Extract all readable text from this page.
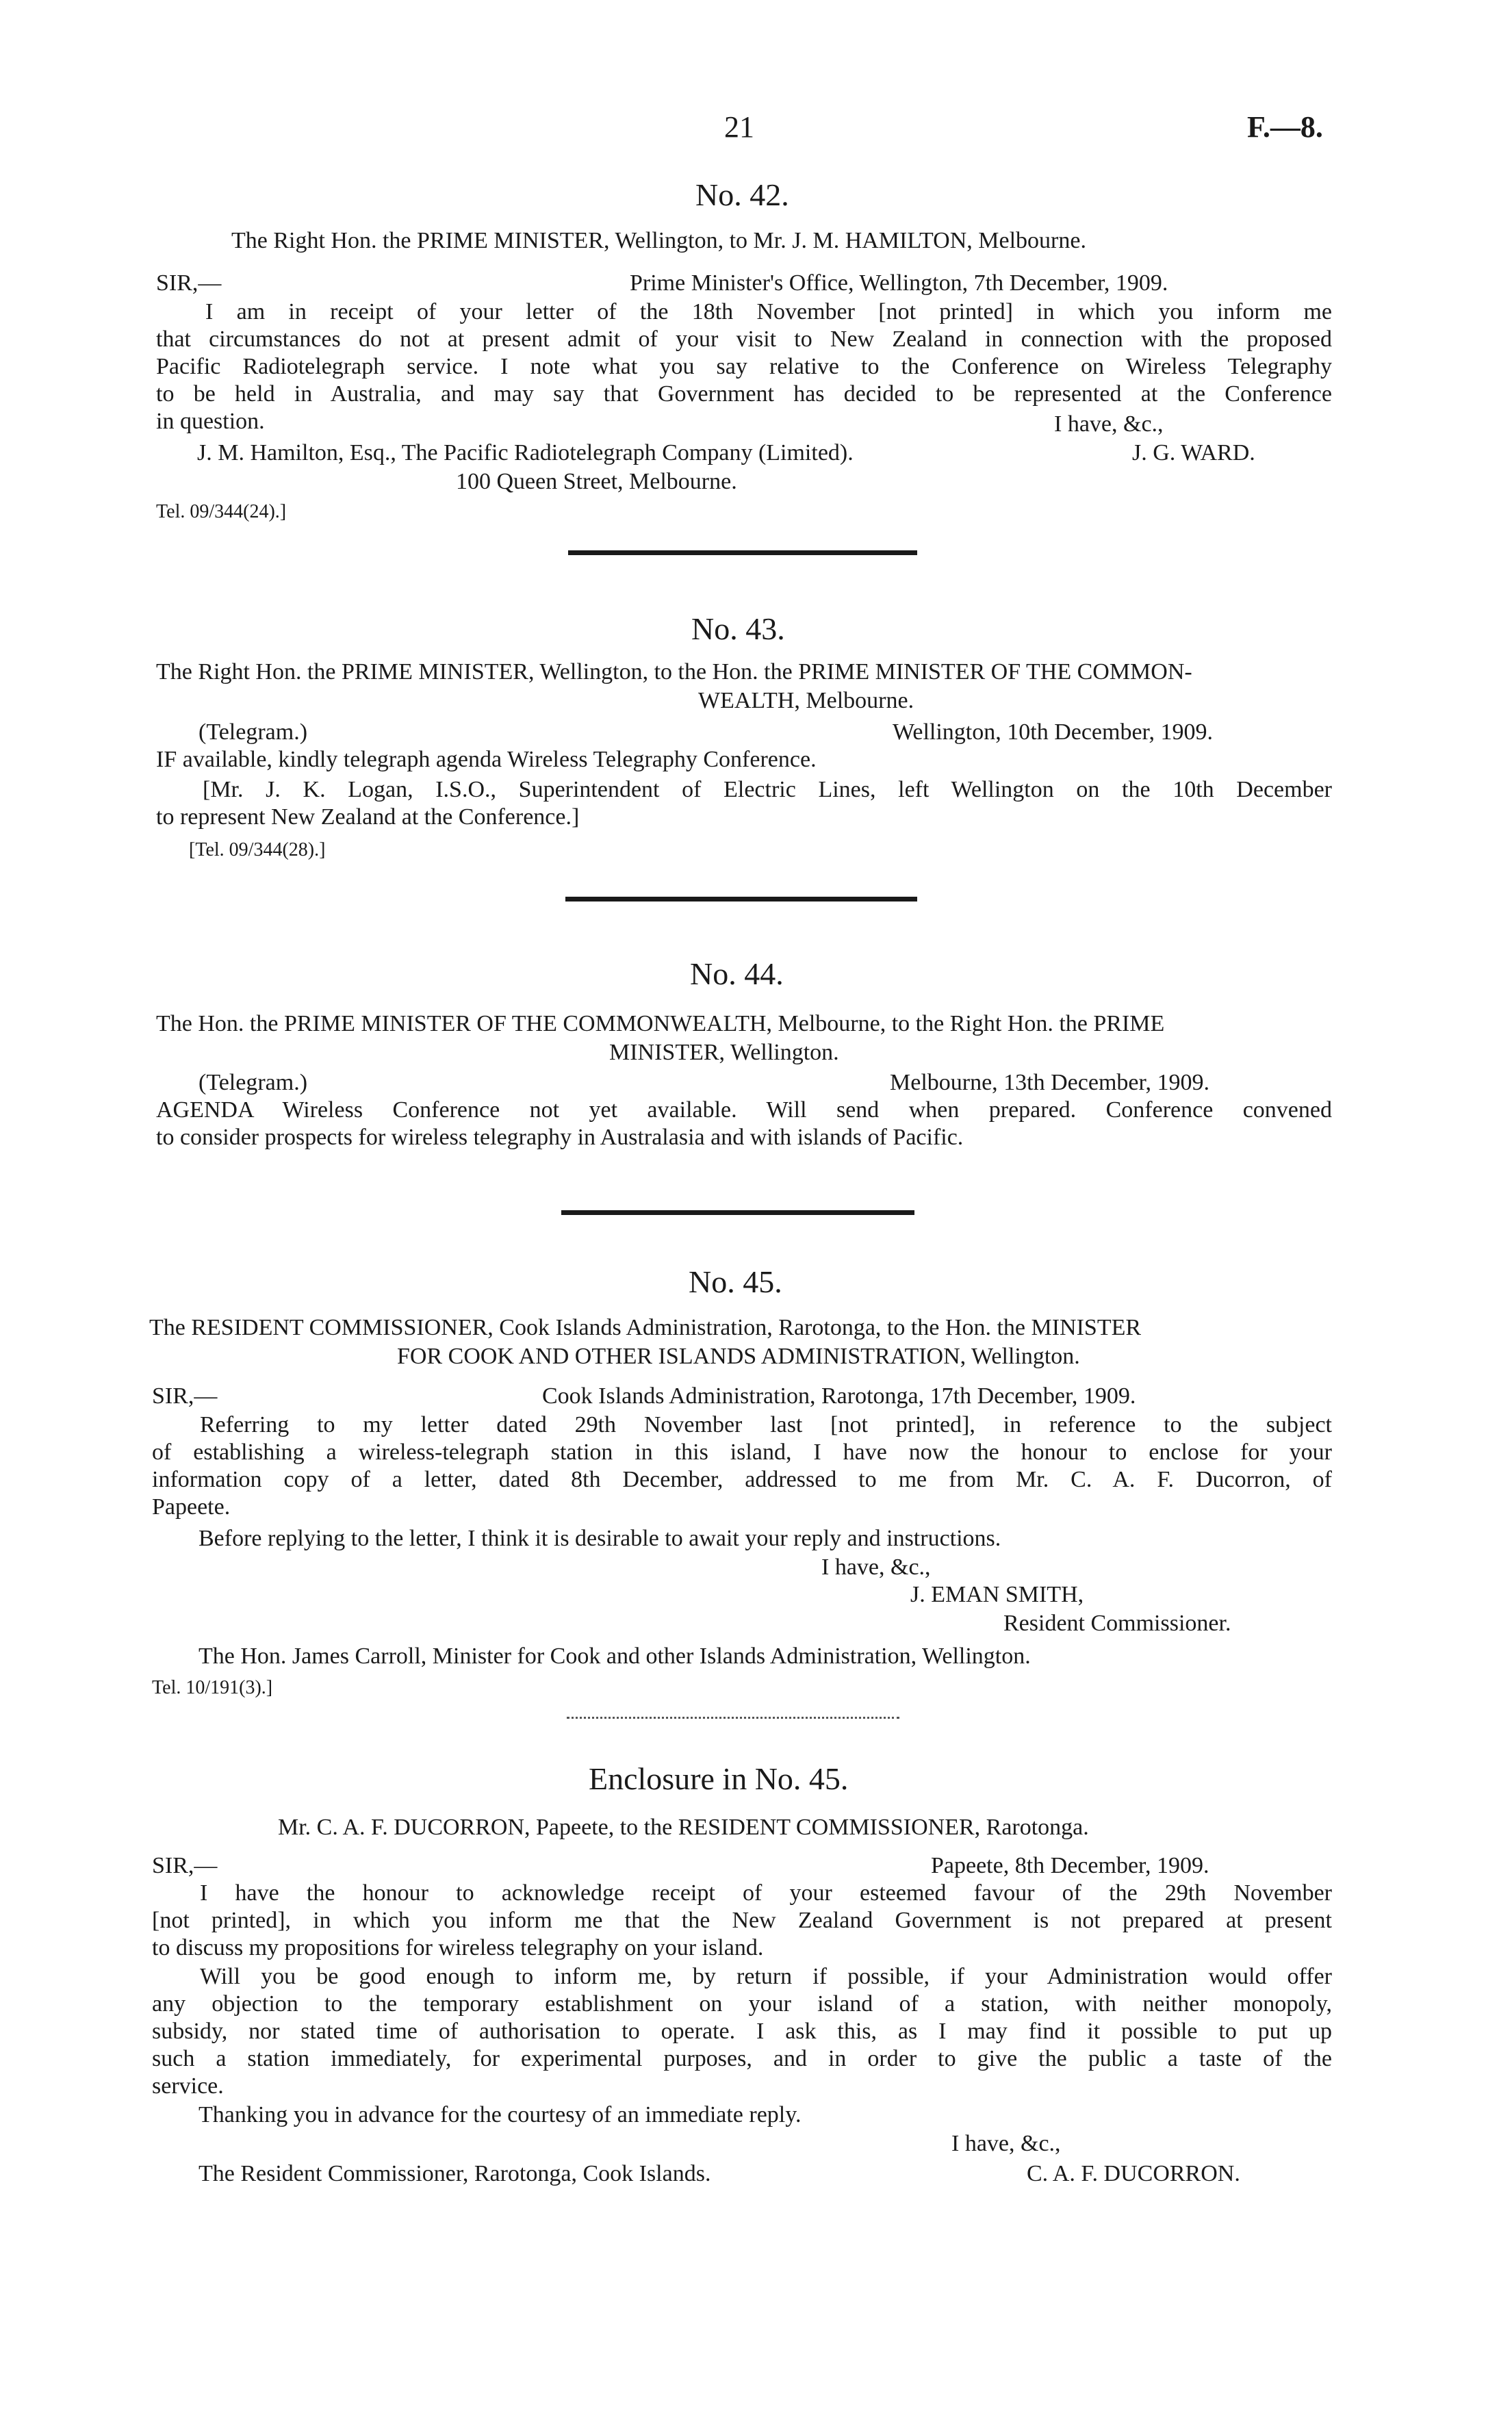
21	F.—8.
No. 42.
The Right Hon. the PRIME MINISTER, Wellington, to Mr. J. M. HAMILTON, Melbourne.
SIR,—	Prime Minister's Office, Wellington, 7th December, 1909.
I am in receipt of your letter of the 18th November [not printed] in which you inform me
that circumstances do not at present admit of your visit to New Zealand in connection with the proposed
Pacific Radiotelegraph service. I note what you say relative to the Conference on Wireless Telegraphy
to be held in Australia, and may say that Government has decided to be represented at the Conference
in question.	I have, &c.,
J. M. Hamilton, Esq., The Pacific Radiotelegraph Company (Limited).	J. G. WARD.
100 Queen Street, Melbourne.
Tel. 09/344(24).]
No. 43.
The Right Hon. the PRIME MINISTER, Wellington, to the Hon. the PRIME MINISTER OF THE COMMON-
WEALTH, Melbourne.
(Telegram.)	Wellington, 10th December, 1909.
IF available, kindly telegraph agenda Wireless Telegraphy Conference.
[Mr. J. K. Logan, I.S.O., Superintendent of Electric Lines, left Wellington on the 10th December
to represent New Zealand at the Conference.]
[Tel. 09/344(28).]
No. 44.
The Hon. the PRIME MINISTER OF THE COMMONWEALTH, Melbourne, to the Right Hon. the PRIME
MINISTER, Wellington.
(Telegram.)	Melbourne, 13th December, 1909.
AGENDA Wireless Conference not yet available. Will send when prepared. Conference convened
to consider prospects for wireless telegraphy in Australasia and with islands of Pacific.
No. 45.
The RESIDENT COMMISSIONER, Cook Islands Administration, Rarotonga, to the Hon. the MINISTER
FOR COOK AND OTHER ISLANDS ADMINISTRATION, Wellington.
SIR,—	Cook Islands Administration, Rarotonga, 17th December, 1909.
Referring to my letter dated 29th November last [not printed], in reference to the subject
of establishing a wireless-telegraph station in this island, I have now the honour to enclose for your
information copy of a letter, dated 8th December, addressed to me from Mr. C. A. F. Ducorron, of
Papeete.
Before replying to the letter, I think it is desirable to await your reply and instructions.
I have, &c.,
J. EMAN SMITH,
Resident Commissioner.
The Hon. James Carroll, Minister for Cook and other Islands Administration, Wellington.
Tel. 10/191(3).]
Enclosure in No. 45.
Mr. C. A. F. DUCORRON, Papeete, to the RESIDENT COMMISSIONER, Rarotonga.
SIR,—	Papeete, 8th December, 1909.
I have the honour to acknowledge receipt of your esteemed favour of the 29th November
[not printed], in which you inform me that the New Zealand Government is not prepared at present
to discuss my propositions for wireless telegraphy on your island.
Will you be good enough to inform me, by return if possible, if your Administration would offer
any objection to the temporary establishment on your island of a station, with neither monopoly,
subsidy, nor stated time of authorisation to operate. I ask this, as I may find it possible to put up
such a station immediately, for experimental purposes, and in order to give the public a taste of the
service.
Thanking you in advance for the courtesy of an immediate reply.
I have, &c.,
The Resident Commissioner, Rarotonga, Cook Islands.	C. A. F. DUCORRON.
